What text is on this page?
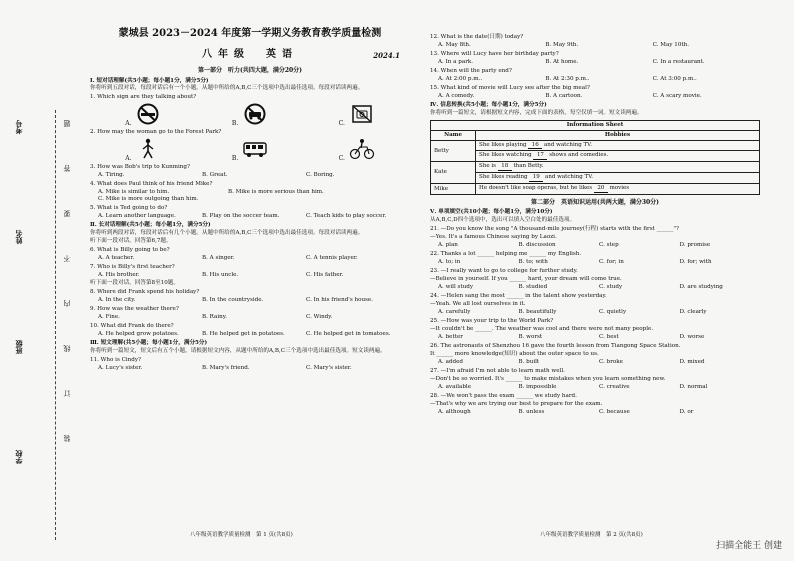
考号
姓名
班级
学校
题
答
要
不
内
线
订
装
蒙城县 2023－2024 年度第一学期义务教育教学质量检测
八年级　英语	2024.1
第一部分　听力(共四大题，满分20分)
Ⅰ. 短对话理解(共5小题；每小题1分，满分5分)
你将听到五段对话，每段对话后有一个小题。从题中所给的A,B,C三个选项中选出最佳选项。每段对话读两遍。
1. Which sign are they talking about?
A.	B.	C.
2. How may the woman go to the Forest Park?
A.	B.	C.
3. How was Bob's trip to Kunming?
A. Tiring.	B. Great.	C. Boring.
4. What does Paul think of his friend Mike?
A. Mike is similar to him.	B. Mike is more serious than him.
C. Mike is more outgoing than him.
5. What is Ted going to do?
A. Learn another language.	B. Play on the soccer team.	C. Teach kids to play soccer.
Ⅱ. 长对话理解(共5小题；每小题1分，满分5分)
你将听到两段对话，每段对话后有几个小题。从题中所给的A,B,C三个选项中选出最佳选项。每段对话读两遍。
听下面一段对话，回答第6,7题。
6. What is Billy going to be?
A. A teacher.	B. A singer.	C. A tennis player.
7. Who is Billy's first teacher?
A. His brother.	B. His uncle.	C. His father.
听下面一段对话，回答第8至10题。
8. Where did Frank spend his holiday?
A. In the city.	B. In the countryside.	C. In his friend's house.
9. How was the weather there?
A. Fine.	B. Rainy.	C. Windy.
10. What did Frank do there?
A. He helped grow potatoes.	B. He helped get in potatoes.	C. He helped get in tomatoes.
Ⅲ. 短文理解(共5小题；每小题1分，满分5分)
你将听到一篇短文，短文后有五个小题。请根据短文内容，从题中所给的A,B,C三个选项中选出最佳选项。短文读两遍。
11. Who is Cindy?
A. Lucy's sister.	B. Mary's friend.	C. Mary's sister.
八年级英语教学质量检测　第 1 页(共8页)
12. What is the date(日期) today?
A. May 8th.	B. May 9th.	C. May 10th.
13. Where will Lucy have her birthday party?
A. In a park.	B. At home.	C. In a restaurant.
14. When will the party end?
A. At 2:00 p.m..	B. At 2:30 p.m..	C. At 3:00 p.m..
15. What kind of movie will Lucy see after the big meal?
A. A comedy.	B. A cartoon.	C. A scary movie.
Ⅳ. 信息转换(共5小题；每小题1分，满分5分)
你将听到一篇短文，请根据短文内容，完成下面的表格，每空仅填一词。短文读两遍。
Information Sheet	
Name	Hobbies
Betty	She likes playing 16 and watching TV.
	She likes watching 17 shows and comedies.
Kate	She is 18 than Betty.
	She likes reading 19 and watching TV.
Mike	He doesn't like soap operas, but he likes 20 movies
第二部分　英语知识运用(共两大题，满分30分)
Ⅴ. 单项填空(共10小题；每小题1分，满分10分)
从A,B,C,D四个选项中，选出可以填入空白处的最佳选项。
21. —Do you know the song "A thousand-mile journey(行程) starts with the first ______"?
—Yes. It's a famous Chinese saying by Laozi.
A. plan	B. discussion	C. step	D. promise
22. Thanks a lot ______ helping me ______ my English.
A. to; in	B. to; with	C. for; in	D. for; with
23. —I really want to go to college for further study.
—Believe in yourself. If you ______ hard, your dream will come true.
A. will study	B. studied	C. study	D. are studying
24. —Helen sang the most ______ in the talent show yesterday.
—Yeah. We all lost ourselves in it.
A. carefully	B. beautifully	C. quietly	D. clearly
25. —How was your trip to the World Park?
—It couldn't be ______. The weather was cool and there were not many people.
A. better	B. worst	C. best	D. worse
26. The astronauts of Shenzhou 16 gave the fourth lesson from Tiangong Space Station.
It ______ more knowledge(知识) about the outer space to us.
A. added	B. built	C. broke	D. mixed
27. —I'm afraid I'm not able to learn math well.
—Don't be so worried. It's ______ to make mistakes when you learn something new.
A. available	B. impossible	C. creative	D. normal
28. —We won't pass the exam ______ we study hard.
—That's why we are trying our best to prepare for the exam.
A. although	B. unless	C. because	D. or
八年级英语教学质量检测　第 2 页(共8页)
扫描全能王 创建
